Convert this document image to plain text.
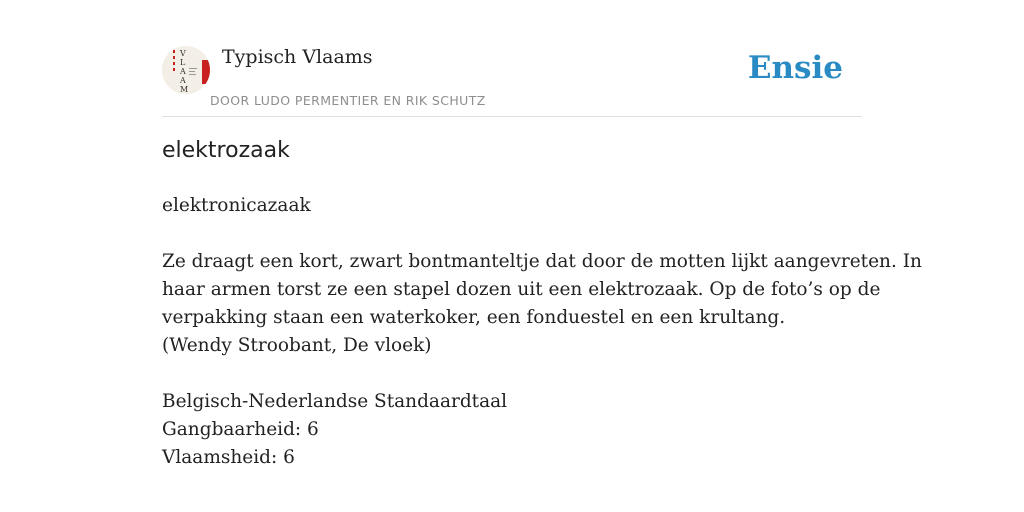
V
L
A
A
M
Typisch Vlaams
DOOR LUDO PERMENTIER EN RIK SCHUTZ
Ensie
elektrozaak
elektronicazaak
Ze draagt een kort, zwart bontmanteltje dat door de motten lijkt aangevreten. In
haar armen torst ze een stapel dozen uit een elektrozaak. Op de foto’s op de
verpakking staan een waterkoker, een fonduestel en een krultang.
(Wendy Stroobant, De vloek)
Belgisch-Nederlandse Standaardtaal
Gangbaarheid: 6
Vlaamsheid: 6
